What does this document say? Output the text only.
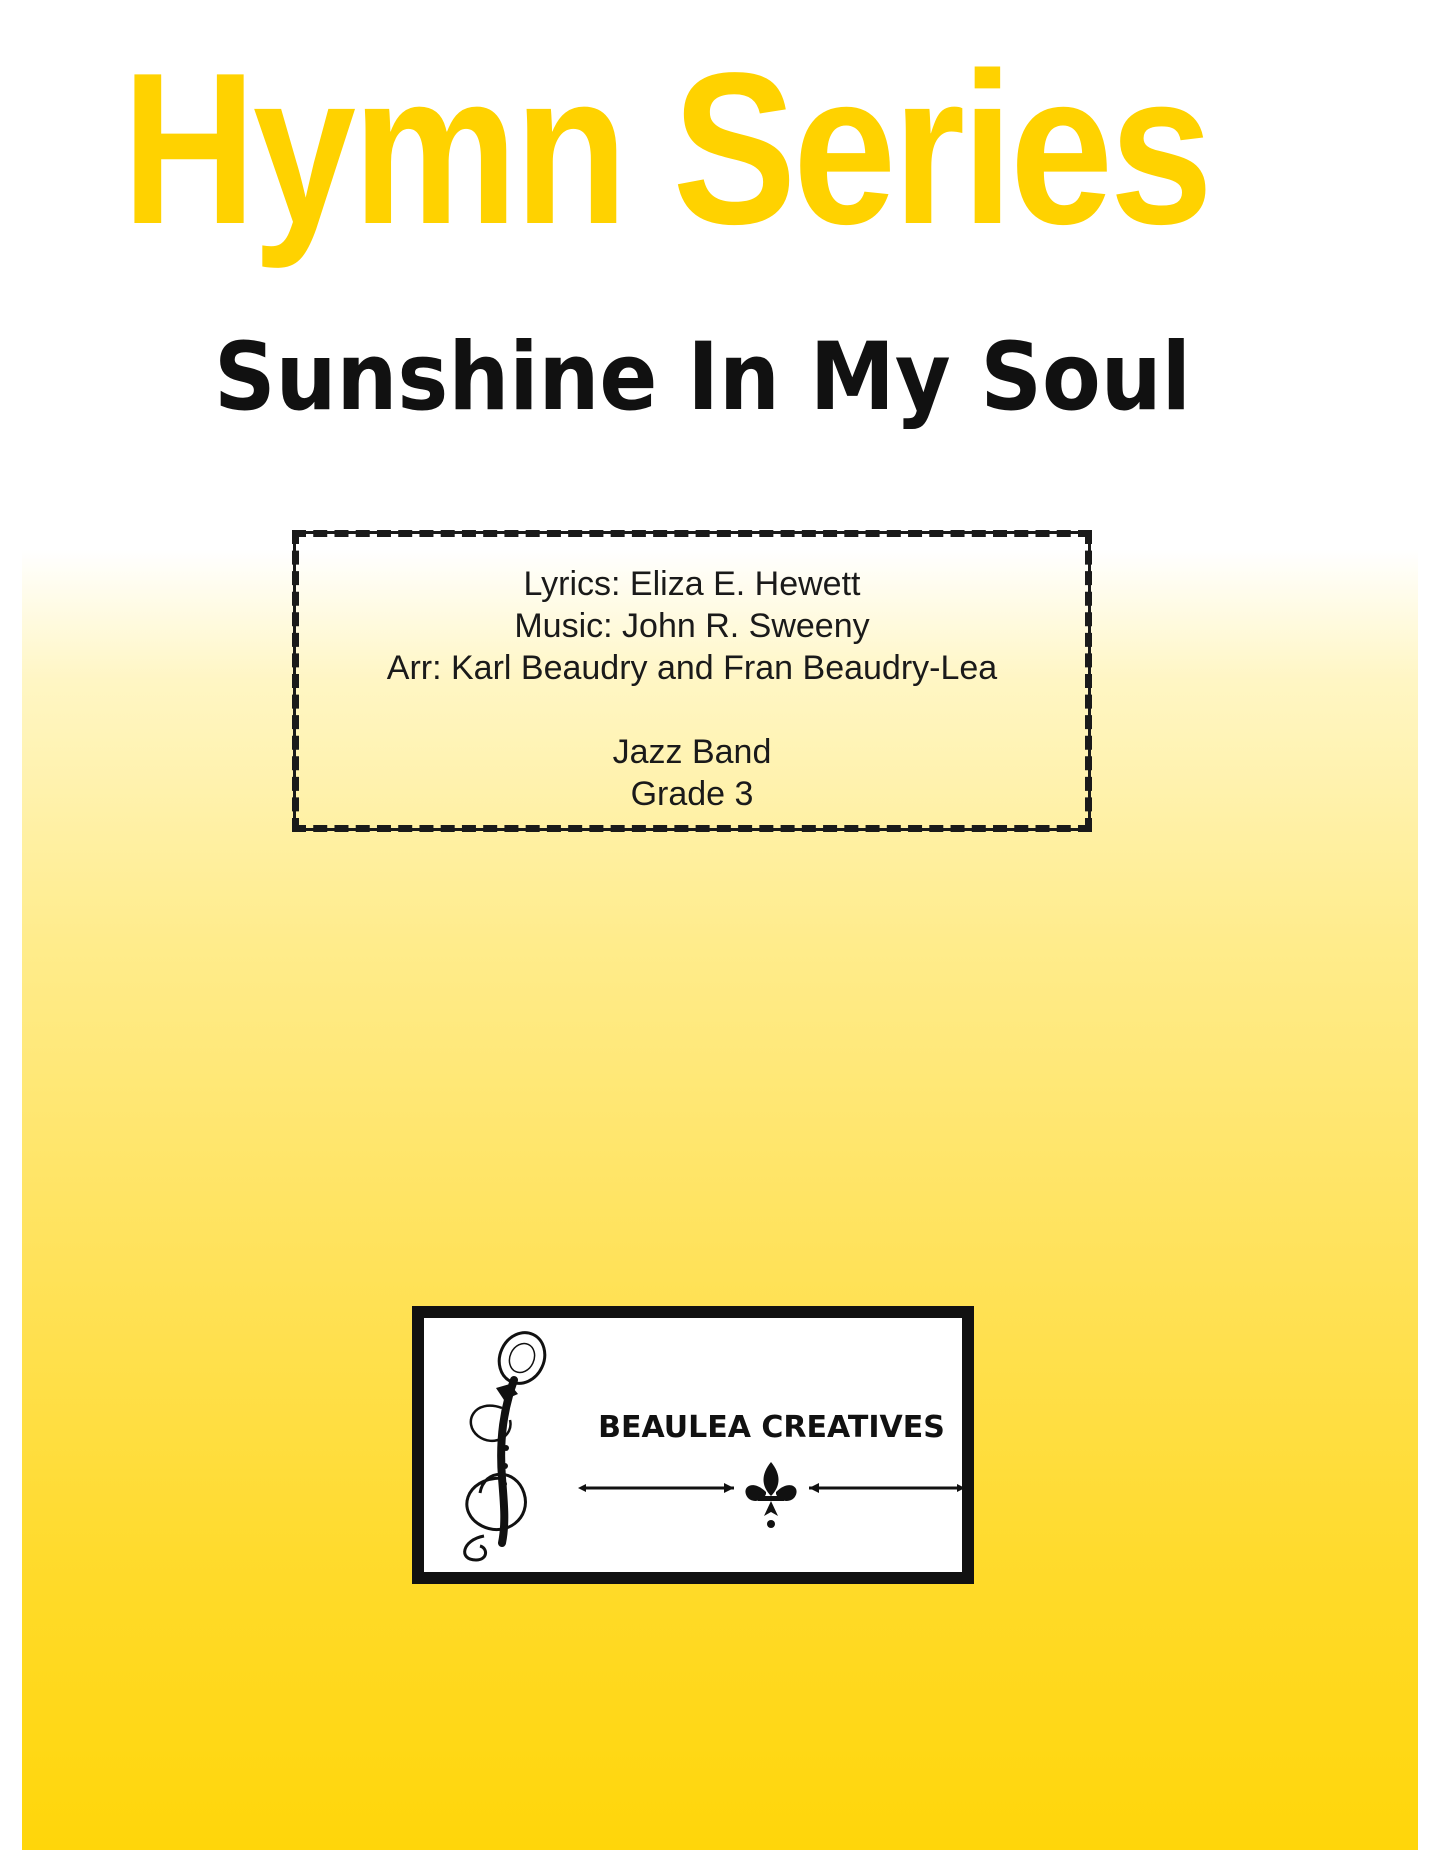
Hymn Series
Sunshine In My Soul
Lyrics: Eliza E. Hewett
Music: John R. Sweeny
Arr: Karl Beaudry and Fran Beaudry-Lea
Jazz Band
Grade 3
BEAULEA CREATIVES
